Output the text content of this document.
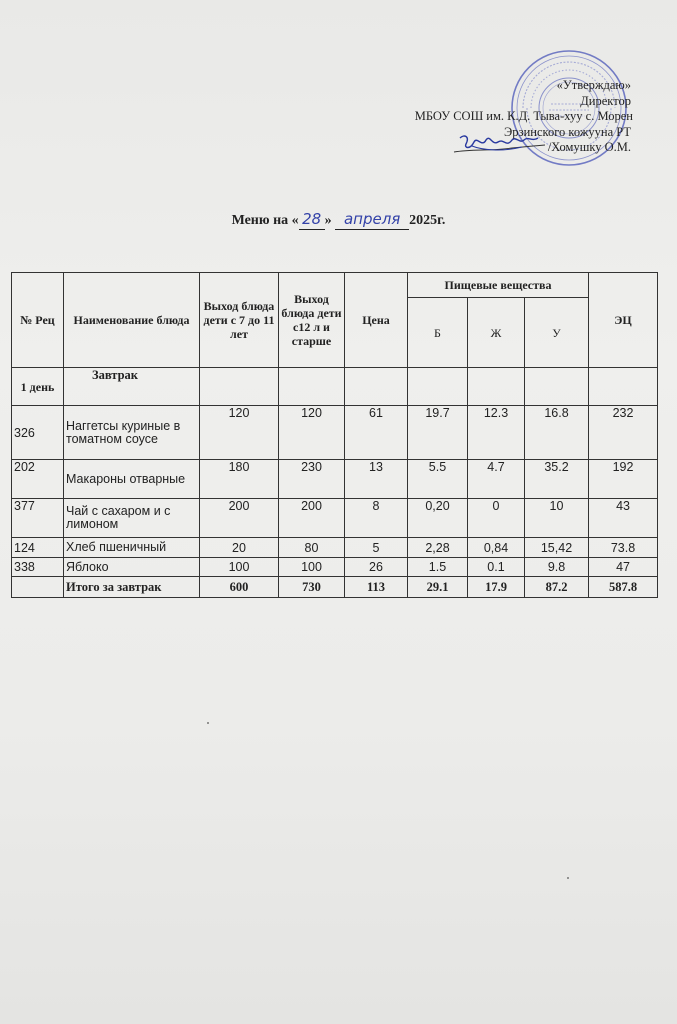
«Утверждаю»
Директор
МБОУ СОШ им. К.Д. Тыва-хуу с. Морен
Эрзинского кожууна РТ
/Хомушку О.М.
Меню на « 28 » апреля 2025г.
№ Рец	Наименование блюда	Выход блюда дети с 7 до 11 лет	Выход блюда дети с12 л и старше	Цена	Пищевые вещества			ЭЦ
					Б	Ж	У	
1 день	Завтрак							
326	Наггетсы куриные в томатном соусе	120	120	61	19.7	12.3	16.8	232
202	Макароны отварные	180	230	13	5.5	4.7	35.2	192
377	Чай с сахаром и с лимоном	200	200	8	0,20	0	10	43
124	Хлеб пшеничный	20	80	5	2,28	0,84	15,42	73.8
338	Яблоко	100	100	26	1.5	0.1	9.8	47
	Итого за завтрак	600	730	113	29.1	17.9	87.2	587.8
